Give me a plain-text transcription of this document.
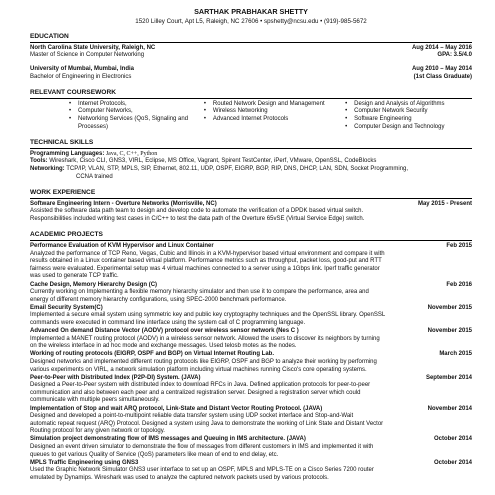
SARTHAK PRABHAKAR SHETTY
1520 Lilley Court, Apt L5, Raleigh, NC 27606 • spshetty@ncsu.edu • (919)-985-5672
EDUCATION
North Carolina State University, Raleigh, NC	Aug 2014 – May 2016
Master of Science in Computer Networking	GPA: 3.5/4.0
University of Mumbai, Mumbai, India	Aug 2010 – May 2014
Bachelor of Engineering in Electronics	(1st Class Graduate)
RELEVANT COURSEWORK
• Internet Protocols,
• Computer Networks,
• Networking Services (QoS, Signaling and Processes)
• Routed Network Design and Management
• Wireless Networking
• Advanced Internet Protocols
• Design and Analysis of Algorithms
• Computer Network Security
• Software Engineering
• Computer Design and Technology
TECHNICAL SKILLS
Programming Languages: Java, C, C++, Python
Tools: Wireshark, Cisco CLI, GNS3, VIRL, Eclipse, MS Office, Vagrant, Spirent TestCenter, iPerf, VMware, OpenSSL, CodeBlocks
Networking: TCP/IP, VLAN, STP, MPLS, SIP, Ethernet, 802.11, UDP, OSPF, EIGRP, BGP, RIP, DNS, DHCP, LAN, SDN, Socket Programming,
CCNA trained
WORK EXPERIENCE
Software Engineering Intern - Overture Networks (Morrisville, NC)	May 2015 - Present
Assisted the software data path team to design and develop code to automate the verification of a DPDK based virtual switch.
Responsibilities included writing test cases in C/C++ to test the data path of the Overture 65vSE (Virtual Service Edge) switch.
ACADEMIC PROJECTS
Performance Evaluation of KVM Hypervisor and Linux Container	Feb 2015
Analyzed the performance of TCP Reno, Vegas, Cubic and Illinois in a KVM-hypervisor based virtual environment and compare it with
results obtained in a Linux container based virtual platform. Performance metrics such as throughput, packet loss, good-put and RTT
fairness were evaluated. Experimental setup was 4 virtual machines connected to a server using a 1Gbps link. Iperf traffic generator
was used to generate TCP traffic.
Cache Design, Memory Hierarchy Design (C)	Feb 2016
Currently working on Implementing a flexible memory hierarchy simulator and then use it to compare the performance, area and
energy of different memory hierarchy configurations, using SPEC-2000 benchmark performance.
Email Security System(C)	November 2015
Implemented a secure email system using symmetric key and public key cryptography techniques and the OpenSSL library. OpenSSL
commands were executed in command line interface using the system call of C programming language.
Advanced On demand Distance Vector (AODV) protocol over wireless sensor network (Nes C )	November 2015
Implemented a MANET routing protocol (AODV) in a wireless sensor network. Allowed the users to discover its neighbors by turning
on the wireless interface in ad hoc mode and exchange messages. Used telosb motes as the nodes.
Working of routing protocols (EIGRP, OSPF and BGP) on Virtual Internet Routing Lab.	March 2015
Designed networks and implemented different routing protocols like EIGRP, OSPF and BGP to analyze their working by performing
various experiments on VIRL, a network simulation platform including virtual machines running Cisco's core operating systems.
Peer-to-Peer with Distributed Index (P2P-DI) System. (JAVA)	September 2014
Designed a Peer-to-Peer system with distributed index to download RFCs in Java. Defined application protocols for peer-to-peer
communication and also between each peer and a centralized registration server. Designed a registration server which could
communicate with multiple peers simultaneously.
Implementation of Stop and wait ARQ protocol, Link-State and Distant Vector Routing Protocol. (JAVA)	November 2014
Designed and developed a point-to-multipoint reliable data transfer system using UDP socket interface and Stop-and-Wait
automatic repeat request (ARQ) Protocol. Designed a system using Java to demonstrate the working of Link State and Distant Vector
Routing protocol for any given network or topology.
Simulation project demonstrating flow of IMS messages and Queuing in IMS architecture. (JAVA)	October 2014
Designed an event driven simulator to demonstrate the flow of messages from different customers in IMS and implemented it with
queues to get various Quality of Service (QoS) parameters like mean of end to end delay, etc.
MPLS Traffic Engineering using GNS3	October 2014
Used the Graphic Network Simulator GNS3 user interface to set up an OSPF, MPLS and MPLS-TE on a Cisco Series 7200 router
emulated by Dynamips. Wireshark was used to analyze the captured network packets used by various protocols.
